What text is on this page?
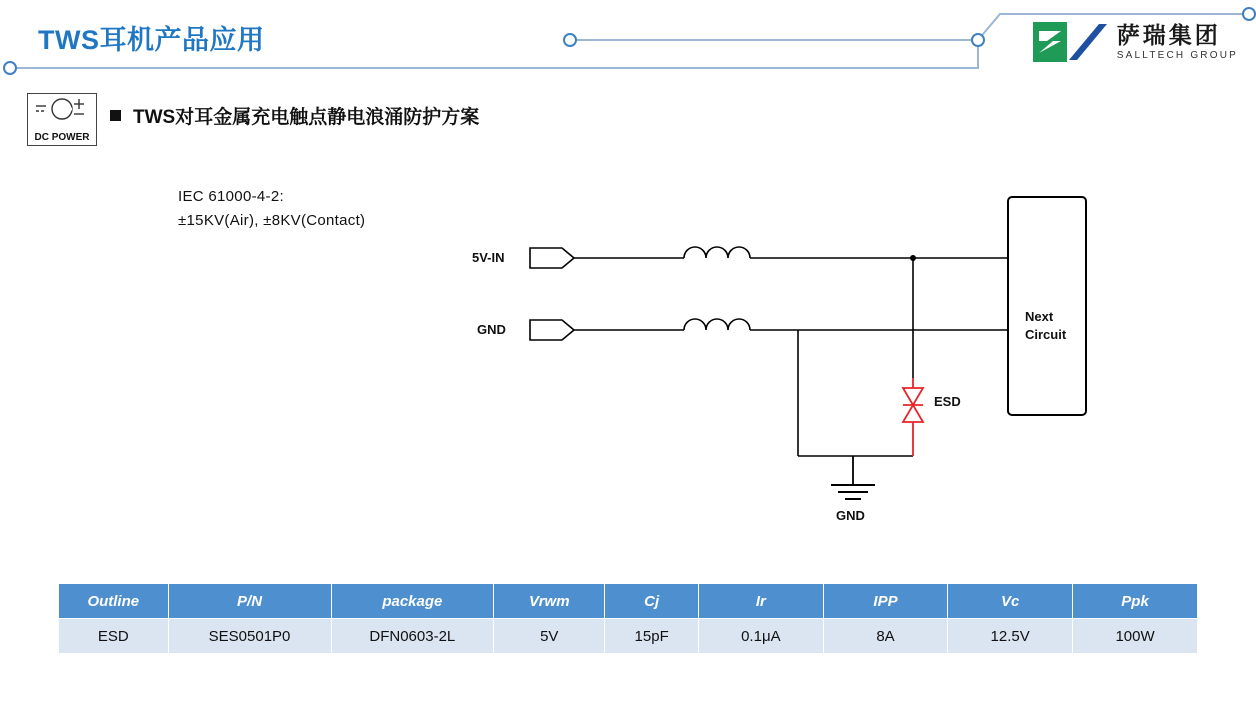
TWS耳机产品应用	萨瑞集团
SALLTECH GROUP
DC POWER
TWS对耳金属充电触点静电浪涌防护方案
IEC 61000-4-2:
±15KV(Air), ±8KV(Contact)
5V-IN
GND
ESD
GND
Next
Circuit
Outline	P/N	package	Vrwm	Cj	Ir	IPP	Vc	Ppk
ESD	SES0501P0	DFN0603-2L	5V	15pF	0.1μA	8A	12.5V	100W
